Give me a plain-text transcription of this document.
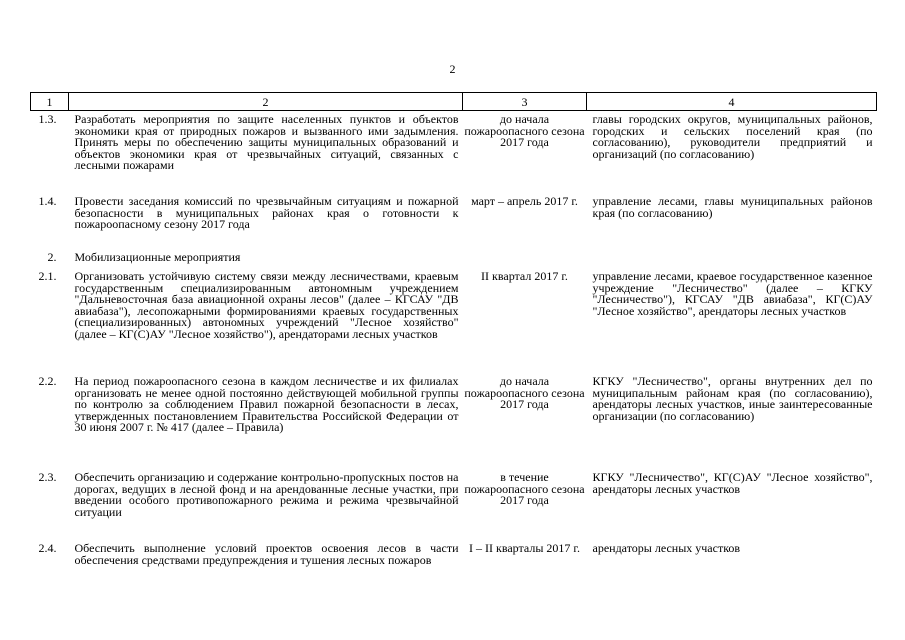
2
1	2	3	4
1.3.	Разработать мероприятия по защите населенных пунктов и объектов экономики края от природных пожаров и вызванного ими задымления. Принять меры по обеспечению защиты муниципальных образований и объектов экономики края от чрезвычайных ситуаций, связанных с лесными пожарами	до начала пожароопасного сезона 2017 года	главы городских округов, муниципальных районов, городских и сельских поселений края (по согласованию), руководители предприятий и организаций (по согласованию)
1.4.	Провести заседания комиссий по чрезвычайным ситуациям и пожарной безопасности в муниципальных районах края о готовности к пожароопасному сезону 2017 года	март – апрель 2017 г.	управление лесами, главы муниципальных районов края (по согласованию)
2.	Мобилизационные мероприятия		
2.1.	Организовать устойчивую систему связи между лесничествами, краевым государственным специализированным автономным учреждением "Дальневосточная база авиационной охраны лесов" (далее – КГСАУ "ДВ авиабаза"), лесопожарными формированиями краевых государственных (специализированных) автономных учреждений "Лесное хозяйство" (далее – КГ(С)АУ "Лесное хозяйство"), арендаторами лесных участков	II квартал 2017 г.	управление лесами, краевое государственное казенное учреждение "Лесничество" (далее – КГКУ "Лесничество"), КГСАУ "ДВ авиабаза", КГ(С)АУ "Лесное хозяйство", арендаторы лесных участков
2.2.	На период пожароопасного сезона в каждом лесничестве и их филиалах организовать не менее одной постоянно действующей мобильной группы по контролю за соблюдением Правил пожарной безопасности в лесах, утвержденных постановлением Правительства Российской Федерации от 30 июня 2007 г. № 417 (далее – Правила)	до начала пожароопасного сезона 2017 года	КГКУ "Лесничество", органы внутренних дел по муниципальным районам края (по согласованию), арендаторы лесных участков, иные заинтересованные организации (по согласованию)
2.3.	Обеспечить организацию и содержание контрольно-пропускных постов на дорогах, ведущих в лесной фонд и на арендованные лесные участки, при введении особого противопожарного режима и режима чрезвычайной ситуации	в течение пожароопасного сезона 2017 года	КГКУ "Лесничество", КГ(С)АУ "Лесное хозяйство", арендаторы лесных участков
2.4.	Обеспечить выполнение условий проектов освоения лесов в части обеспечения средствами предупреждения и тушения лесных пожаров	I – II кварталы 2017 г.	арендаторы лесных участков
